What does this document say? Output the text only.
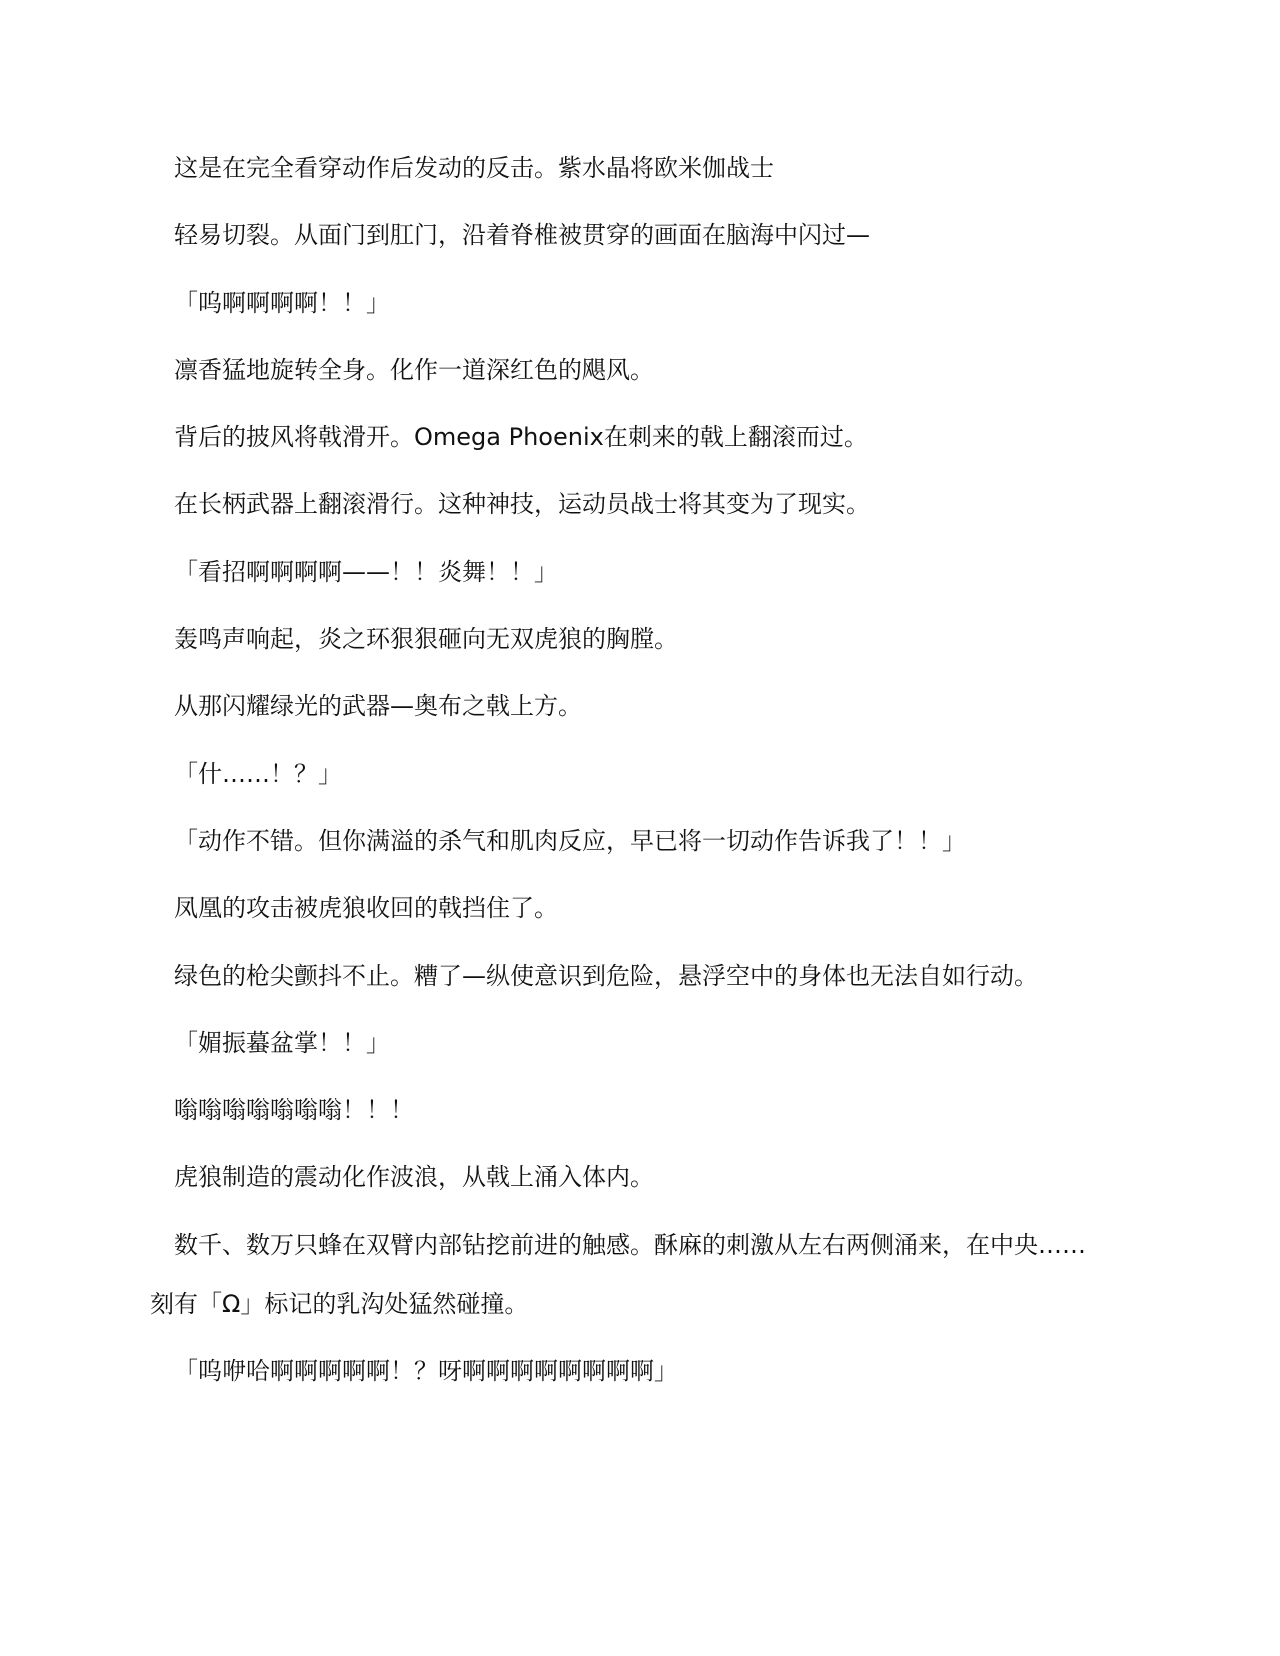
这是在完全看穿动作后发动的反击。紫水晶将欧米伽战士

轻易切裂。从面门到肛门，沿着脊椎被贯穿的画面在脑海中闪过—

「呜啊啊啊啊！！」

凛香猛地旋转全身。化作一道深红色的飓风。

背后的披风将戟滑开。Omega Phoenix在刺来的戟上翻滚而过。

在长柄武器上翻滚滑行。这种神技，运动员战士将其变为了现实。

「看招啊啊啊啊——！！炎舞！！」

轰鸣声响起，炎之环狠狠砸向无双虎狼的胸膛。

从那闪耀绿光的武器—奥布之戟上方。

「什……！？」

「动作不错。但你满溢的杀气和肌肉反应，早已将一切动作告诉我了！！」

凤凰的攻击被虎狼收回的戟挡住了。

绿色的枪尖颤抖不止。糟了—纵使意识到危险，悬浮空中的身体也无法自如行动。

「媚振蟇盆掌！！」

嗡嗡嗡嗡嗡嗡嗡！！！

虎狼制造的震动化作波浪，从戟上涌入体内。

数千、数万只蜂在双臂内部钻挖前进的触感。酥麻的刺激从左右两侧涌来，在中央……
刻有「Ω」标记的乳沟处猛然碰撞。

「呜咿哈啊啊啊啊啊！？呀啊啊啊啊啊啊啊啊」
